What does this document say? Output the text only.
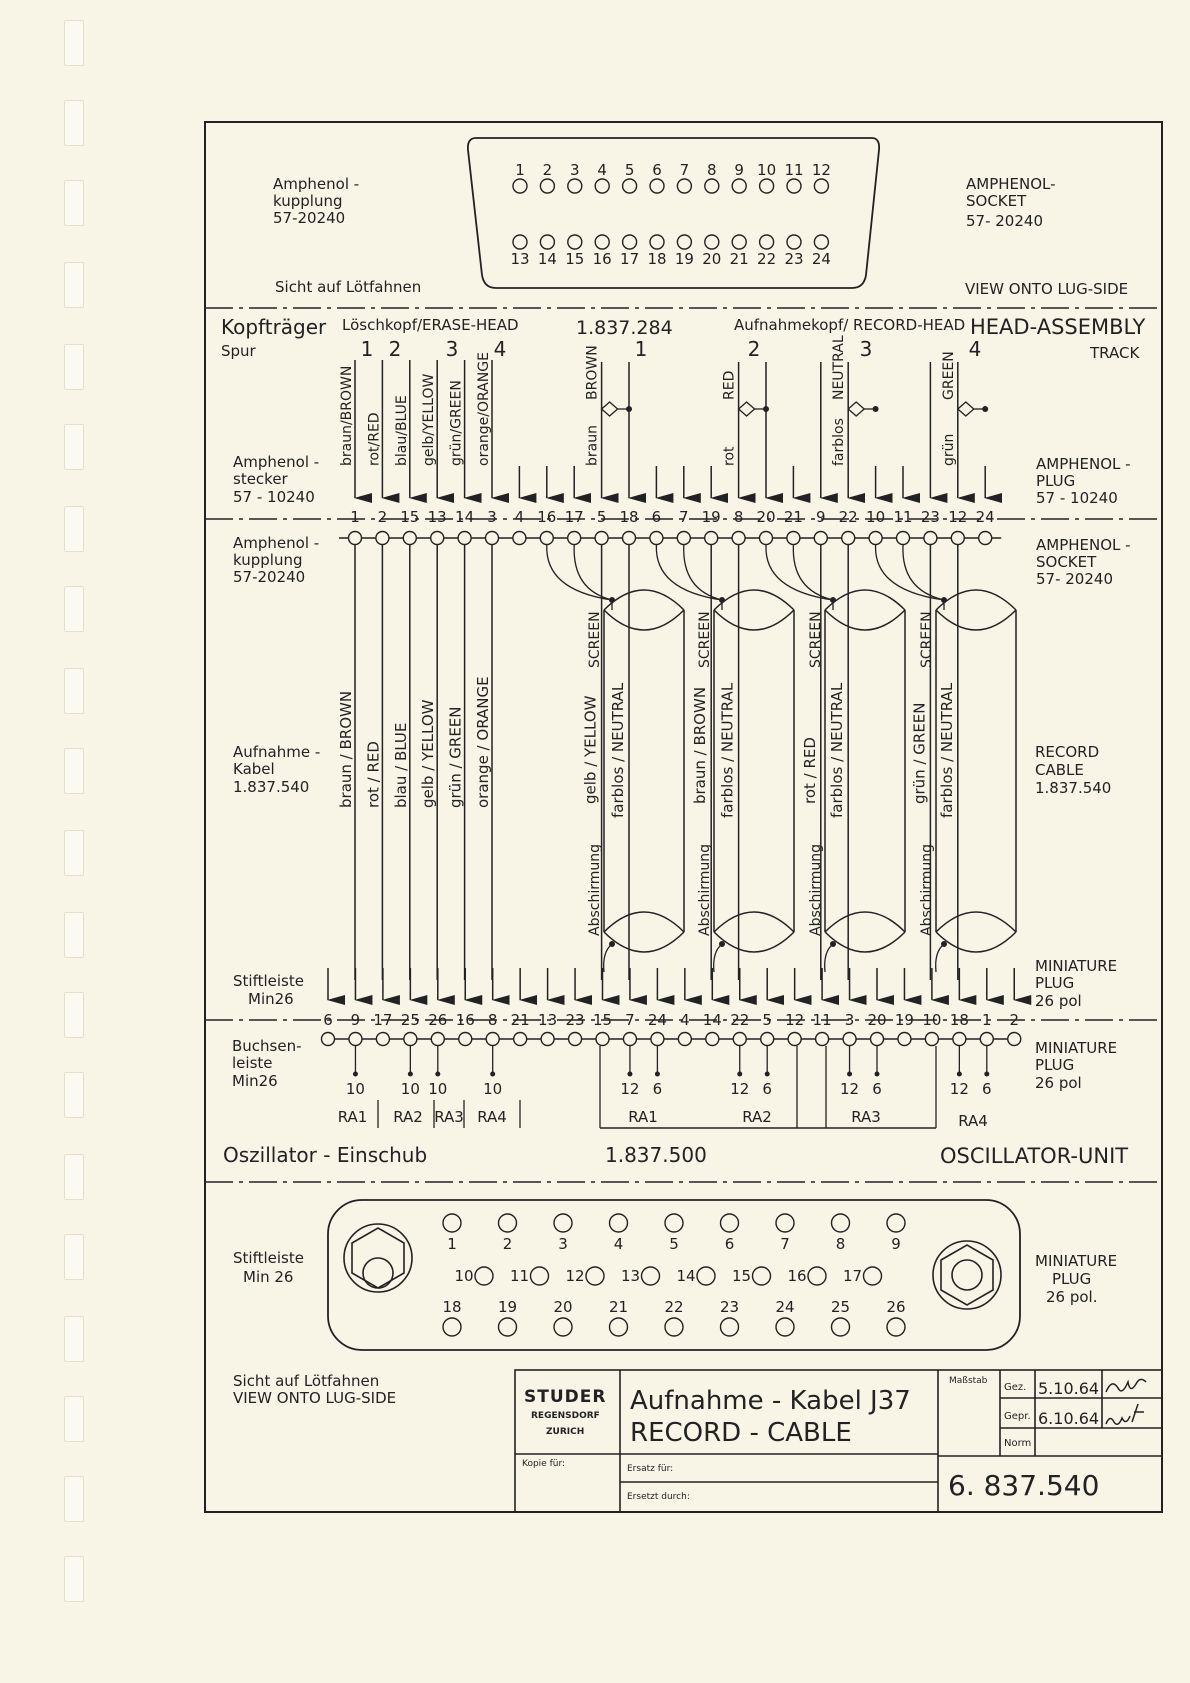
1 2 3 4 5 6 7 8 9 10 11 12
13 14 15 16 17 18 19 20 21 22 23 24
Amphenol -
kupplung
57-20240
AMPHENOL-
SOCKET
57- 20240
Sicht auf Lötfahnen	VIEW ONTO LUG-SIDE
Kopfträger
Spur
Löschkopf/ERASE-HEAD	1.837.284	Aufnahmekopf/ RECORD-HEAD HEAD-ASSEMBLY
TRACK
1 2 3 4	1	2	3	4
braun/BROWN rot/RED blau/BLUE gelb/YELLOW grün/GREEN orange/ORANGE	BROWN
braun
RED
rot
NEUTRAL
farblos
GREEN
grün
Amphenol -
stecker
57 - 10240
AMPHENOL -
PLUG
57 - 10240
1 2 15 13 14 3 4 16 17 5 18 6 7 19 8 20 21 9 22 10 11 23 12 24
Amphenol -
kupplung
57-20240
AMPHENOL -
SOCKET
57- 20240
Aufnahme -
Kabel
1.837.540
RECORD
CABLE
1.837.540
braun / BROWN rot / RED blau / BLUE gelb / YELLOW grün / GREEN orange / ORANGE	gelb / YELLOW farblos / NEUTRAL
SCREEN
Abschirmung
braun / BROWN farblos / NEUTRAL
SCREEN
Abschirmung
rot / RED farblos / NEUTRAL
SCREEN
Abschirmung
grün / GREEN farblos / NEUTRAL
SCREEN
Abschirmung
Stiftleiste
Min26
MINIATURE
PLUG
26 pol
Buchsen-
leiste
Min26
MINIATURE
PLUG
26 pol
6 9 17 25 26 16 8 21 13 23 15 7 24 4 14 22 5 12 11 3 20 19 10 18 1 2
10 10 10 10	12 6	12 6	12 6	12 6
RA1 RA2 RA3 RA4	RA1	RA2	RA3	RA4
Oszillator - Einschub	1.837.500	OSCILLATOR-UNIT
1	2	3	4	5	6	7	8	9
10 11 12 13 14 15 16 17
18 19 20 21 22 23 24 25 26
Stiftleiste
Min 26
MINIATURE
PLUG
26 pol.
Sicht auf Lötfahnen
VIEW ONTO LUG-SIDE	STUDER
REGENSDORF
ZURICH
Aufnahme - Kabel J37
RECORD - CABLE
Maßstab
Gez. 5.10.64
Gepr. 6.10.64
Norm
Kopie für:	Ersatz für:
Ersetzt durch:	6. 837.540
